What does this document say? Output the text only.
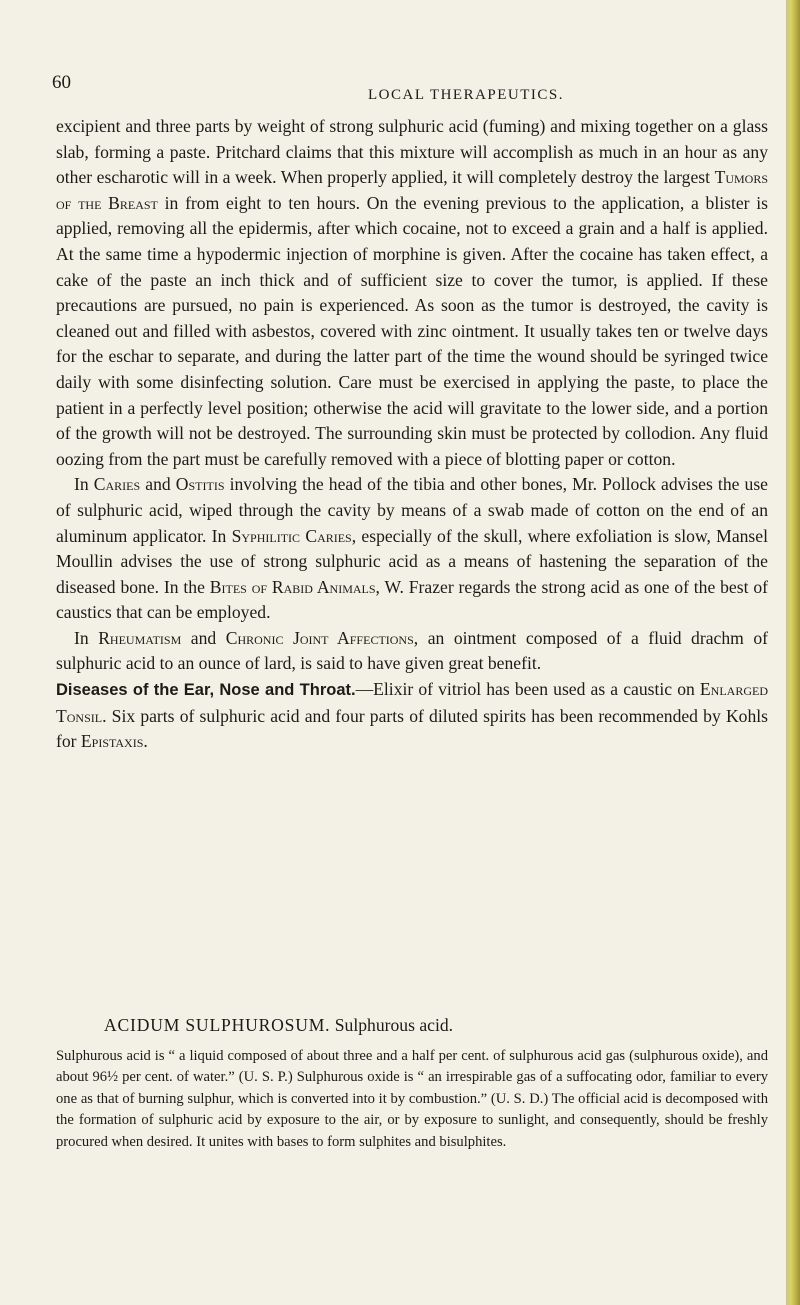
60
LOCAL THERAPEUTICS.

excipient and three parts by weight of strong sulphuric acid (fuming) and mixing together on a glass slab, forming a paste. Pritchard claims that this mixture will accomplish as much in an hour as any other escharotic will in a week. When properly applied, it will completely destroy the largest Tumors of the Breast in from eight to ten hours. On the evening previous to the application, a blister is applied, removing all the epidermis, after which cocaine, not to exceed a grain and a half is applied. At the same time a hypodermic injection of morphine is given. After the cocaine has taken effect, a cake of the paste an inch thick and of sufficient size to cover the tumor, is applied. If these precautions are pursued, no pain is experienced. As soon as the tumor is destroyed, the cavity is cleaned out and filled with asbestos, covered with zinc ointment. It usually takes ten or twelve days for the eschar to separate, and during the latter part of the time the wound should be syringed twice daily with some disinfecting solution. Care must be exercised in applying the paste, to place the patient in a perfectly level position; otherwise the acid will gravitate to the lower side, and a portion of the growth will not be destroyed. The surrounding skin must be protected by collodion. Any fluid oozing from the part must be carefully removed with a piece of blotting paper or cotton.

In Caries and Ostitis involving the head of the tibia and other bones, Mr. Pollock advises the use of sulphuric acid, wiped through the cavity by means of a swab made of cotton on the end of an aluminum applicator. In Syphilitic Caries, especially of the skull, where exfoliation is slow, Mansel Moullin advises the use of strong sulphuric acid as a means of hastening the separation of the diseased bone. In the Bites of Rabid Animals, W. Frazer regards the strong acid as one of the best of caustics that can be employed.

In Rheumatism and Chronic Joint Affections, an ointment composed of a fluid drachm of sulphuric acid to an ounce of lard, is said to have given great benefit.

Diseases of the Ear, Nose and Throat.—Elixir of vitriol has been used as a caustic on Enlarged Tonsil. Six parts of sulphuric acid and four parts of diluted spirits has been recommended by Kohls for Epistaxis.

ACIDUM SULPHUROSUM. Sulphurous acid.

Sulphurous acid is “ a liquid composed of about three and a half per cent. of sulphurous acid gas (sulphurous oxide), and about 96½ per cent. of water.” (U. S. P.) Sulphurous oxide is “ an irrespirable gas of a suffocating odor, familiar to every one as that of burning sulphur, which is converted into it by combustion.” (U. S. D.) The official acid is decomposed with the formation of sulphuric acid by exposure to the air, or by exposure to sunlight, and consequently, should be freshly procured when desired. It unites with bases to form sulphites and bisulphites.
